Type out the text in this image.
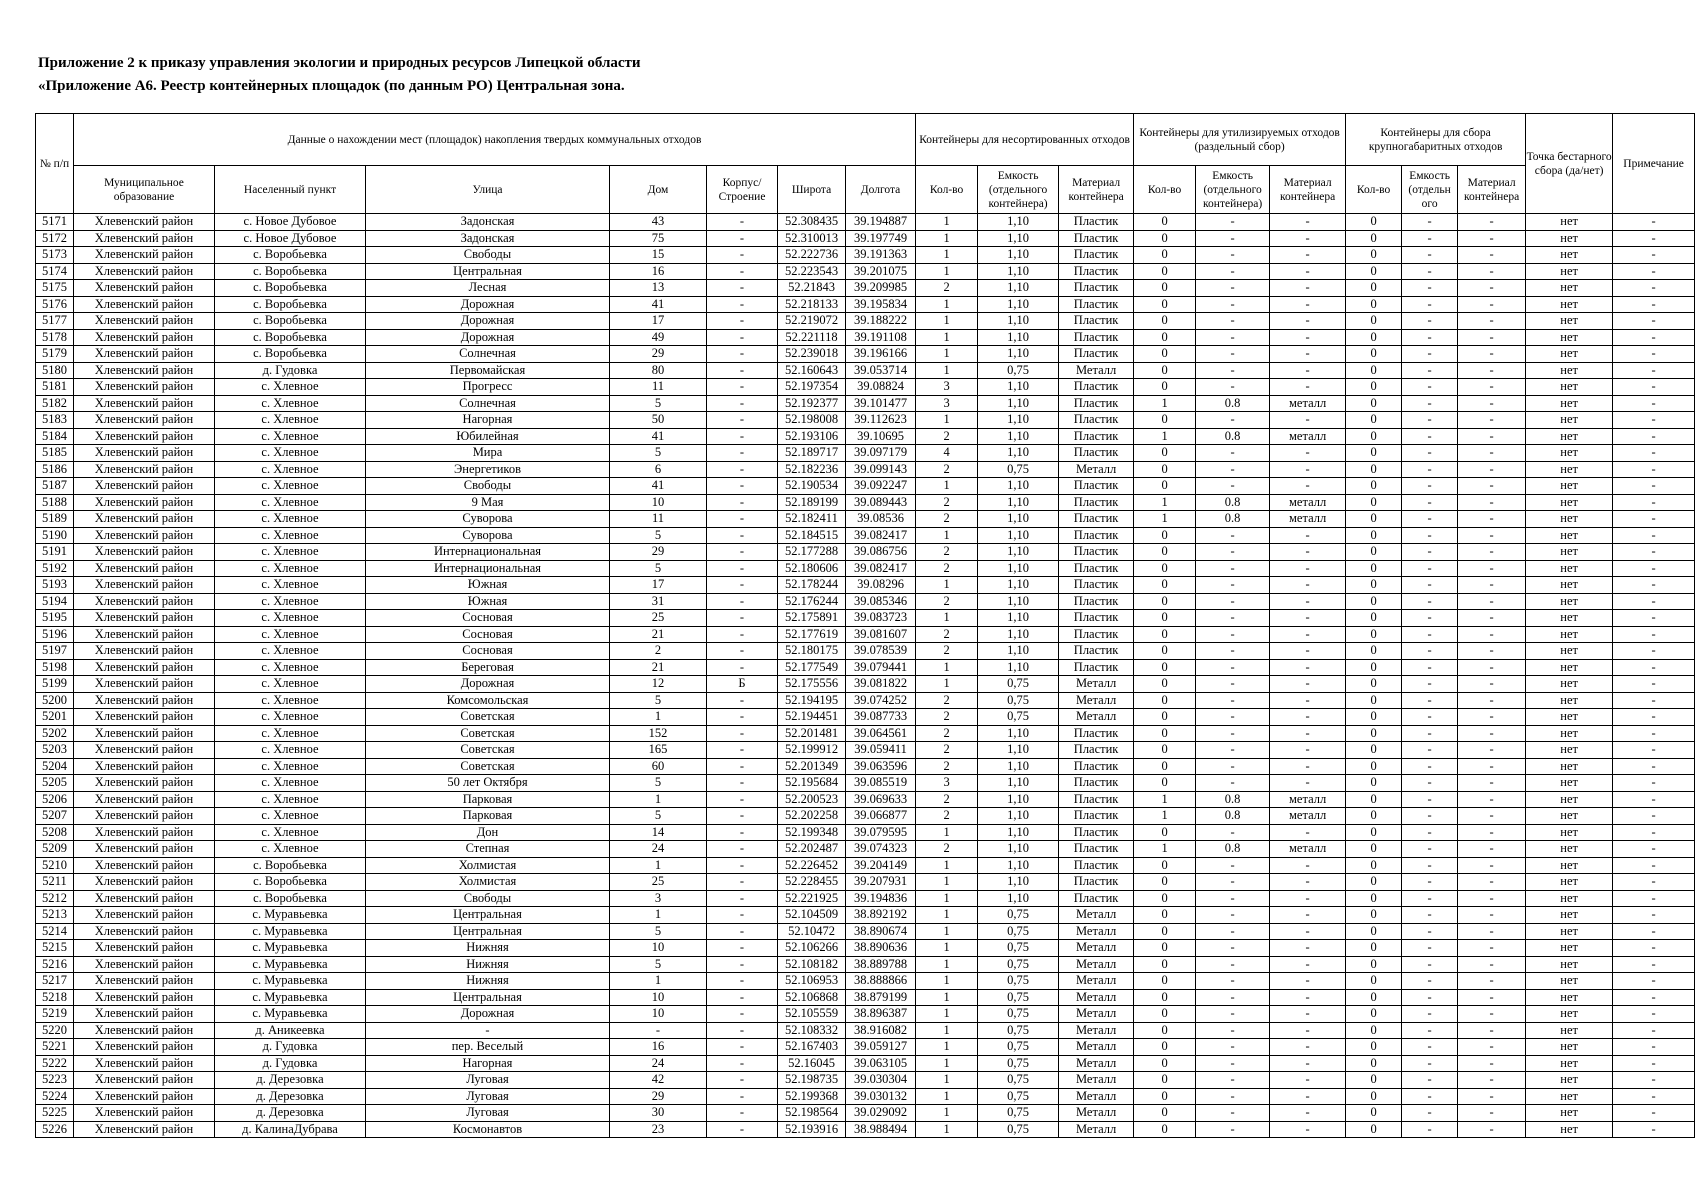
Приложение 2 к приказу управления экологии и природных ресурсов Липецкой области
«Приложение А6. Реестр контейнерных площадок (по данным РО) Центральная зона.
№ п/п	Данные о нахождении мест (площадок) накопления твердых коммунальных отходов							Контейнеры для несортированных отходов			Контейнеры для утилизируемых отходов (раздельный сбор)			Контейнеры для сбора крупногабаритных отходов			Точка бестарного сбора (да/нет)	Примечание
	Муниципальное образование	Населенный пункт	Улица	Дом	Корпус/ Строение	Широта	Долгота	Кол-во	Емкость (отдельного контейнера)	Материал контейнера	Кол-во	Емкость (отдельного контейнера)	Материал контейнера	Кол-во	Емкость (отдельн ого	Материал контейнера		
5171	Хлевенский район	с. Новое Дубовое	Задонская	43	-	52.308435	39.194887	1	1,10	Пластик	0	-	-	0	-	-	нет	-
5172	Хлевенский район	с. Новое Дубовое	Задонская	75	-	52.310013	39.197749	1	1,10	Пластик	0	-	-	0	-	-	нет	-
5173	Хлевенский район	с. Воробьевка	Свободы	15	-	52.222736	39.191363	1	1,10	Пластик	0	-	-	0	-	-	нет	-
5174	Хлевенский район	с. Воробьевка	Центральная	16	-	52.223543	39.201075	1	1,10	Пластик	0	-	-	0	-	-	нет	-
5175	Хлевенский район	с. Воробьевка	Лесная	13	-	52.21843	39.209985	2	1,10	Пластик	0	-	-	0	-	-	нет	-
5176	Хлевенский район	с. Воробьевка	Дорожная	41	-	52.218133	39.195834	1	1,10	Пластик	0	-	-	0	-	-	нет	-
5177	Хлевенский район	с. Воробьевка	Дорожная	17	-	52.219072	39.188222	1	1,10	Пластик	0	-	-	0	-	-	нет	-
5178	Хлевенский район	с. Воробьевка	Дорожная	49	-	52.221118	39.191108	1	1,10	Пластик	0	-	-	0	-	-	нет	-
5179	Хлевенский район	с. Воробьевка	Солнечная	29	-	52.239018	39.196166	1	1,10	Пластик	0	-	-	0	-	-	нет	-
5180	Хлевенский район	д. Гудовка	Первомайская	80	-	52.160643	39.053714	1	0,75	Металл	0	-	-	0	-	-	нет	-
5181	Хлевенский район	с. Хлевное	Прогресс	11	-	52.197354	39.08824	3	1,10	Пластик	0	-	-	0	-	-	нет	-
5182	Хлевенский район	с. Хлевное	Солнечная	5	-	52.192377	39.101477	3	1,10	Пластик	1	0.8	металл	0	-	-	нет	-
5183	Хлевенский район	с. Хлевное	Нагорная	50	-	52.198008	39.112623	1	1,10	Пластик	0	-	-	0	-	-	нет	-
5184	Хлевенский район	с. Хлевное	Юбилейная	41	-	52.193106	39.10695	2	1,10	Пластик	1	0.8	металл	0	-	-	нет	-
5185	Хлевенский район	с. Хлевное	Мира	5	-	52.189717	39.097179	4	1,10	Пластик	0	-	-	0	-	-	нет	-
5186	Хлевенский район	с. Хлевное	Энергетиков	6	-	52.182236	39.099143	2	0,75	Металл	0	-	-	0	-	-	нет	-
5187	Хлевенский район	с. Хлевное	Свободы	41	-	52.190534	39.092247	1	1,10	Пластик	0	-	-	0	-	-	нет	-
5188	Хлевенский район	с. Хлевное	9 Мая	10	-	52.189199	39.089443	2	1,10	Пластик	1	0.8	металл	0	-	-	нет	-
5189	Хлевенский район	с. Хлевное	Суворова	11	-	52.182411	39.08536	2	1,10	Пластик	1	0.8	металл	0	-	-	нет	-
5190	Хлевенский район	с. Хлевное	Суворова	5	-	52.184515	39.082417	1	1,10	Пластик	0	-	-	0	-	-	нет	-
5191	Хлевенский район	с. Хлевное	Интернациональная	29	-	52.177288	39.086756	2	1,10	Пластик	0	-	-	0	-	-	нет	-
5192	Хлевенский район	с. Хлевное	Интернациональная	5	-	52.180606	39.082417	2	1,10	Пластик	0	-	-	0	-	-	нет	-
5193	Хлевенский район	с. Хлевное	Южная	17	-	52.178244	39.08296	1	1,10	Пластик	0	-	-	0	-	-	нет	-
5194	Хлевенский район	с. Хлевное	Южная	31	-	52.176244	39.085346	2	1,10	Пластик	0	-	-	0	-	-	нет	-
5195	Хлевенский район	с. Хлевное	Сосновая	25	-	52.175891	39.083723	1	1,10	Пластик	0	-	-	0	-	-	нет	-
5196	Хлевенский район	с. Хлевное	Сосновая	21	-	52.177619	39.081607	2	1,10	Пластик	0	-	-	0	-	-	нет	-
5197	Хлевенский район	с. Хлевное	Сосновая	2	-	52.180175	39.078539	2	1,10	Пластик	0	-	-	0	-	-	нет	-
5198	Хлевенский район	с. Хлевное	Береговая	21	-	52.177549	39.079441	1	1,10	Пластик	0	-	-	0	-	-	нет	-
5199	Хлевенский район	с. Хлевное	Дорожная	12	Б	52.175556	39.081822	1	0,75	Металл	0	-	-	0	-	-	нет	-
5200	Хлевенский район	с. Хлевное	Комсомольская	5	-	52.194195	39.074252	2	0,75	Металл	0	-	-	0	-	-	нет	-
5201	Хлевенский район	с. Хлевное	Советская	1	-	52.194451	39.087733	2	0,75	Металл	0	-	-	0	-	-	нет	-
5202	Хлевенский район	с. Хлевное	Советская	152	-	52.201481	39.064561	2	1,10	Пластик	0	-	-	0	-	-	нет	-
5203	Хлевенский район	с. Хлевное	Советская	165	-	52.199912	39.059411	2	1,10	Пластик	0	-	-	0	-	-	нет	-
5204	Хлевенский район	с. Хлевное	Советская	60	-	52.201349	39.063596	2	1,10	Пластик	0	-	-	0	-	-	нет	-
5205	Хлевенский район	с. Хлевное	50 лет Октября	5	-	52.195684	39.085519	3	1,10	Пластик	0	-	-	0	-	-	нет	-
5206	Хлевенский район	с. Хлевное	Парковая	1	-	52.200523	39.069633	2	1,10	Пластик	1	0.8	металл	0	-	-	нет	-
5207	Хлевенский район	с. Хлевное	Парковая	5	-	52.202258	39.066877	2	1,10	Пластик	1	0.8	металл	0	-	-	нет	-
5208	Хлевенский район	с. Хлевное	Дон	14	-	52.199348	39.079595	1	1,10	Пластик	0	-	-	0	-	-	нет	-
5209	Хлевенский район	с. Хлевное	Степная	24	-	52.202487	39.074323	2	1,10	Пластик	1	0.8	металл	0	-	-	нет	-
5210	Хлевенский район	с. Воробьевка	Холмистая	1	-	52.226452	39.204149	1	1,10	Пластик	0	-	-	0	-	-	нет	-
5211	Хлевенский район	с. Воробьевка	Холмистая	25	-	52.228455	39.207931	1	1,10	Пластик	0	-	-	0	-	-	нет	-
5212	Хлевенский район	с. Воробьевка	Свободы	3	-	52.221925	39.194836	1	1,10	Пластик	0	-	-	0	-	-	нет	-
5213	Хлевенский район	с. Муравьевка	Центральная	1	-	52.104509	38.892192	1	0,75	Металл	0	-	-	0	-	-	нет	-
5214	Хлевенский район	с. Муравьевка	Центральная	5	-	52.10472	38.890674	1	0,75	Металл	0	-	-	0	-	-	нет	-
5215	Хлевенский район	с. Муравьевка	Нижняя	10	-	52.106266	38.890636	1	0,75	Металл	0	-	-	0	-	-	нет	-
5216	Хлевенский район	с. Муравьевка	Нижняя	5	-	52.108182	38.889788	1	0,75	Металл	0	-	-	0	-	-	нет	-
5217	Хлевенский район	с. Муравьевка	Нижняя	1	-	52.106953	38.888866	1	0,75	Металл	0	-	-	0	-	-	нет	-
5218	Хлевенский район	с. Муравьевка	Центральная	10	-	52.106868	38.879199	1	0,75	Металл	0	-	-	0	-	-	нет	-
5219	Хлевенский район	с. Муравьевка	Дорожная	10	-	52.105559	38.896387	1	0,75	Металл	0	-	-	0	-	-	нет	-
5220	Хлевенский район	д. Аникеевка	-	-	-	52.108332	38.916082	1	0,75	Металл	0	-	-	0	-	-	нет	-
5221	Хлевенский район	д. Гудовка	пер. Веселый	16	-	52.167403	39.059127	1	0,75	Металл	0	-	-	0	-	-	нет	-
5222	Хлевенский район	д. Гудовка	Нагорная	24	-	52.16045	39.063105	1	0,75	Металл	0	-	-	0	-	-	нет	-
5223	Хлевенский район	д. Дерезовка	Луговая	42	-	52.198735	39.030304	1	0,75	Металл	0	-	-	0	-	-	нет	-
5224	Хлевенский район	д. Дерезовка	Луговая	29	-	52.199368	39.030132	1	0,75	Металл	0	-	-	0	-	-	нет	-
5225	Хлевенский район	д. Дерезовка	Луговая	30	-	52.198564	39.029092	1	0,75	Металл	0	-	-	0	-	-	нет	-
5226	Хлевенский район	д. КалинаДубрава	Космонавтов	23	-	52.193916	38.988494	1	0,75	Металл	0	-	-	0	-	-	нет	-
